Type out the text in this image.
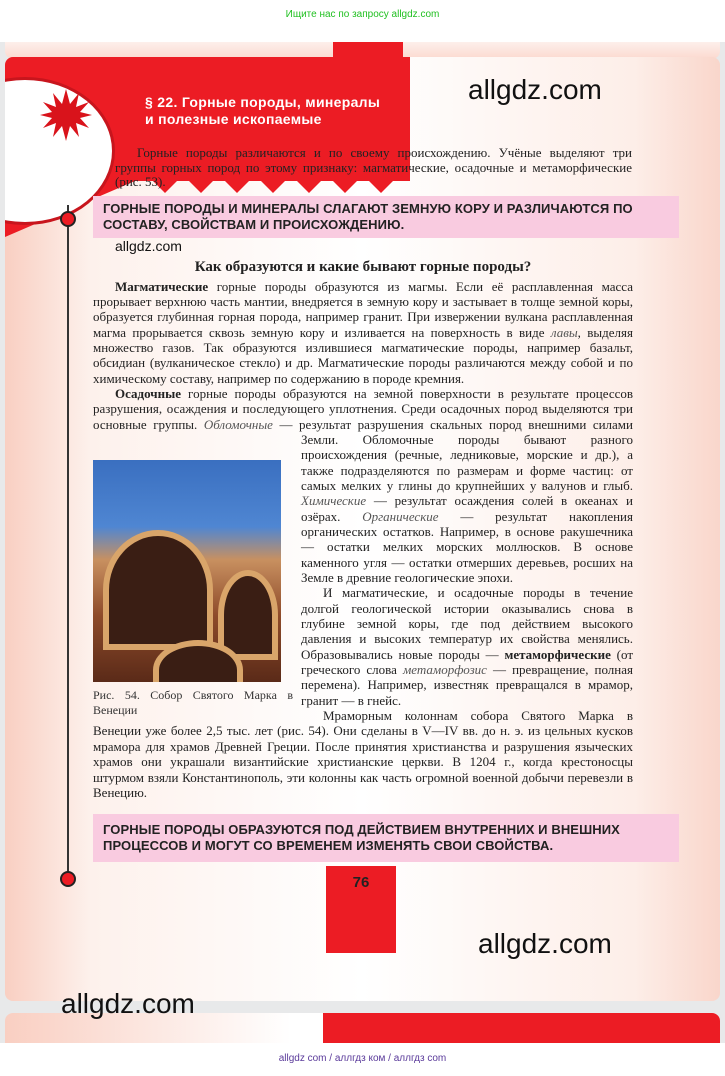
Ищите нас по запросу allgdz.com
§ 22. Горные породы, минералы
и полезные ископаемые
allgdz.com

Горные породы различаются и по своему происхождению. Учёные выделяют три группы горных пород по этому признаку: магматические, осадочные и метаморфические (рис. 53).

ГОРНЫЕ ПОРОДЫ И МИНЕРАЛЫ СЛАГАЮТ ЗЕМНУЮ КОРУ И РАЗЛИЧАЮТСЯ ПО СОСТАВУ, СВОЙСТВАМ И ПРОИСХОЖДЕНИЮ.
allgdz.com
Как образуются и какие бывают горные породы?

Магматические горные породы образуются из магмы. Если её расплавленная масса прорывает верхнюю часть мантии, внедряется в земную кору и застывает в толще земной коры, образуется глубинная горная порода, например гранит. При извержении вулкана расплавленная магма прорывается сквозь земную кору и изливается на поверхность в виде лавы, выделяя множество газов. Так образуются излившиеся магматические породы, например базальт, обсидиан (вулканическое стекло) и др. Магматические породы различаются между собой и по химическому составу, например по содержанию в породе кремния.

Рис. 54. Собор Святого Марка в Венеции

Осадочные горные породы образуются на земной поверхности в результате процессов разрушения, осаждения и последующего уплотнения. Среди осадочных пород выделяются три основные группы. Обломочные — результат разрушения скальных пород внешними силами Земли. Обломочные породы бывают разного происхождения (речные, ледниковые, морские и др.), а также подразделяются по размерам и форме частиц: от самых мелких у глины до крупнейших у валунов и глыб. Химические — результат осаждения солей в океанах и озёрах. Органические — результат накопления органических остатков. Например, в основе ракушечника — остатки мелких морских моллюсков. В основе каменного угля — остатки отмерших деревьев, росших на Земле в древние геологические эпохи.

И магматические, и осадочные породы в течение долгой геологической истории оказывались снова в глубине земной коры, где под действием высокого давления и высоких температур их свойства менялись. Образовывались новые породы — метаморфические (от греческого слова метаморфозис — превращение, полная перемена). Например, известняк превращался в мрамор, гранит — в гнейс.

Мраморным колоннам собора Святого Марка в Венеции уже более 2,5 тыс. лет (рис. 54). Они сделаны в V—IV вв. до н. э. из цельных кусков мрамора для храмов Древней Греции. После принятия христианства и разрушения языческих храмов они украшали византийские христианские церкви. В 1204 г., когда крестоносцы штурмом взяли Константинополь, эти колонны как часть огромной военной добычи перевезли в Венецию.

ГОРНЫЕ ПОРОДЫ ОБРАЗУЮТСЯ ПОД ДЕЙСТВИЕМ ВНУТРЕННИХ И ВНЕШНИХ ПРОЦЕССОВ И МОГУТ СО ВРЕМЕНЕМ ИЗМЕНЯТЬ СВОИ СВОЙСТВА.
76
allgdz.com
allgdz.com
allgdz com / аллгдз ком / аллгдз com
